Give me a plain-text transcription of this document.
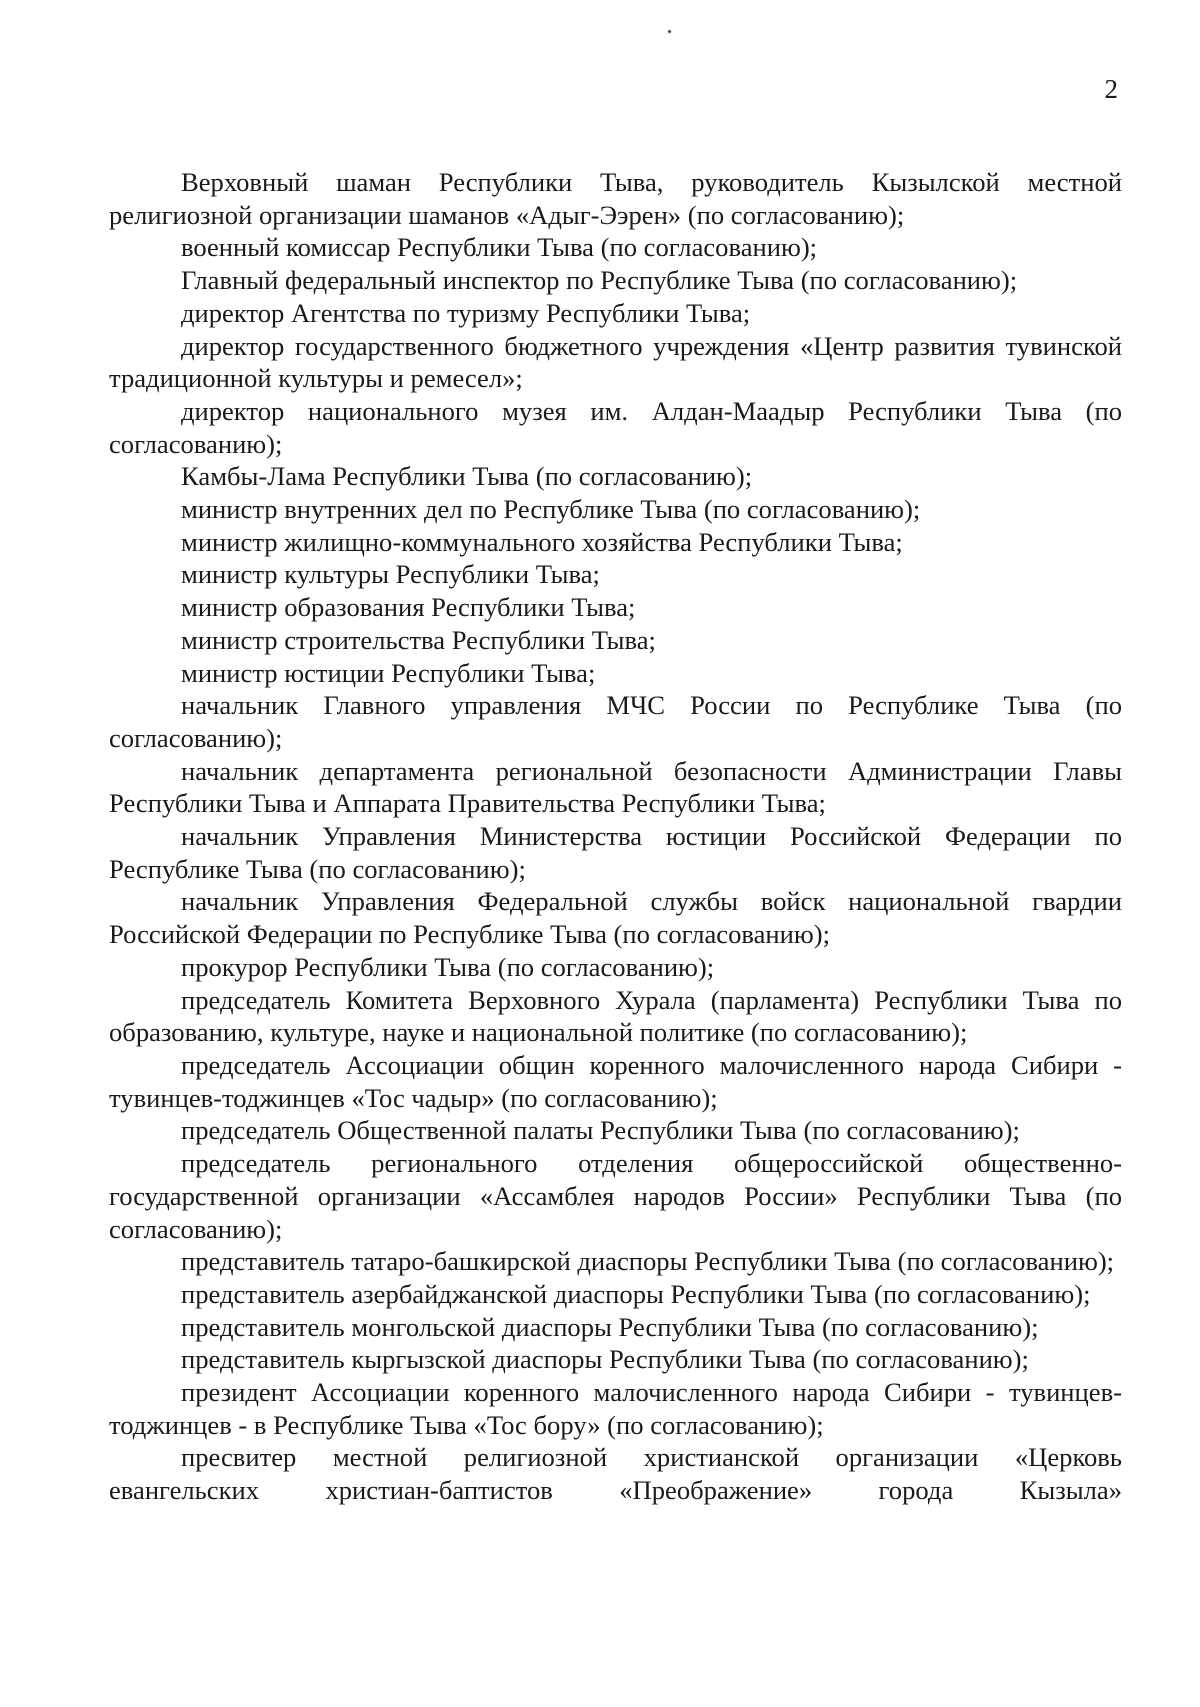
2

Верховный шаман Республики Тыва, руководитель Кызылской местной религиозной организации шаманов «Адыг-Ээрен» (по согласованию);

военный комиссар Республики Тыва (по согласованию);

Главный федеральный инспектор по Республике Тыва (по согласованию);

директор Агентства по туризму Республики Тыва;

директор государственного бюджетного учреждения «Центр развития тувинской традиционной культуры и ремесел»;

директор национального музея им. Алдан-Маадыр Республики Тыва (по согласованию);

Камбы-Лама Республики Тыва (по согласованию);

министр внутренних дел по Республике Тыва (по согласованию);

министр жилищно-коммунального хозяйства Республики Тыва;

министр культуры Республики Тыва;

министр образования Республики Тыва;

министр строительства Республики Тыва;

министр юстиции Республики Тыва;

начальник Главного управления МЧС России по Республике Тыва (по согласованию);

начальник департамента региональной безопасности Администрации Главы Республики Тыва и Аппарата Правительства Республики Тыва;

начальник Управления Министерства юстиции Российской Федерации по Республике Тыва (по согласованию);

начальник Управления Федеральной службы войск национальной гвардии Российской Федерации по Республике Тыва (по согласованию);

прокурор Республики Тыва (по согласованию);

председатель Комитета Верховного Хурала (парламента) Республики Тыва по образованию, культуре, науке и национальной политике (по согласованию);

председатель Ассоциации общин коренного малочисленного народа Сибири - тувинцев-тоджинцев «Тос чадыр» (по согласованию);

председатель Общественной палаты Республики Тыва (по согласованию);

председатель регионального отделения общероссийской общественно-государственной организации «Ассамблея народов России» Республики Тыва (по согласованию);

представитель татаро-башкирской диаспоры Республики Тыва (по согласованию);

представитель азербайджанской диаспоры Республики Тыва (по согласованию);

представитель монгольской диаспоры Республики Тыва (по согласованию);

представитель кыргызской диаспоры Республики Тыва (по согласованию);

президент Ассоциации коренного малочисленного народа Сибири - тувинцев-тоджинцев - в Республике Тыва «Тос бору» (по согласованию);

пресвитер местной религиозной христианской организации «Церковь евангельских христиан-баптистов «Преображение» города Кызыла»
